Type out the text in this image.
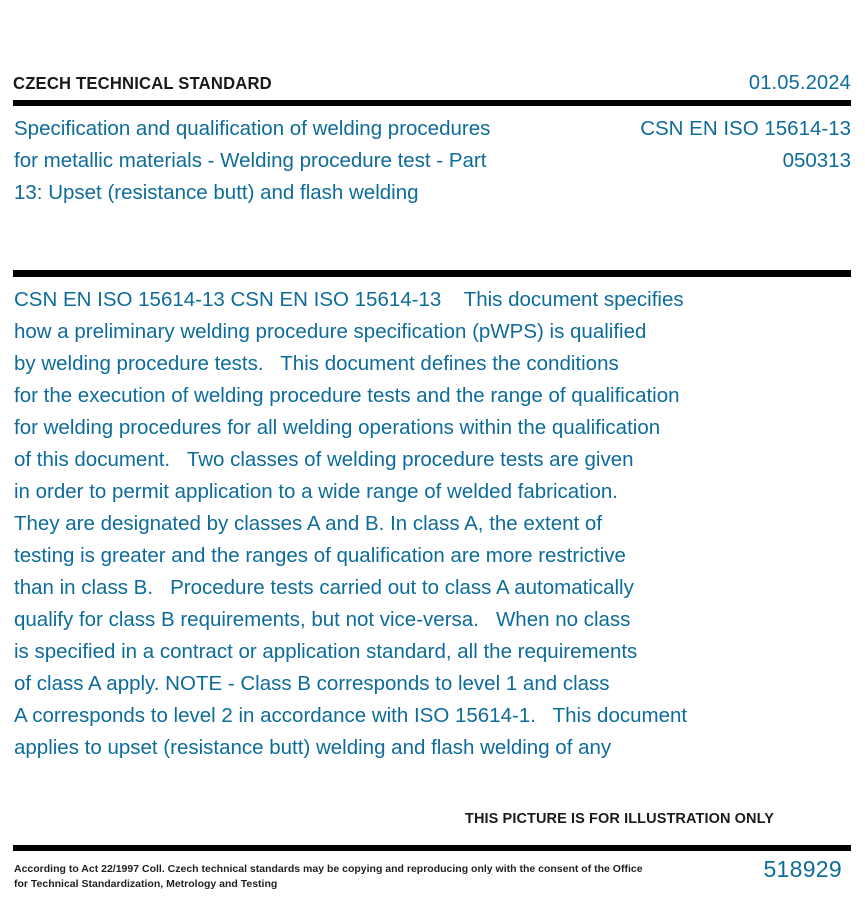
CZECH TECHNICAL STANDARD	01.05.2024
Specification and qualification of welding procedures	CSN EN ISO 15614-13
for metallic materials - Welding procedure test - Part	050313
13: Upset (resistance butt) and flash welding
CSN EN ISO 15614-13 CSN EN ISO 15614-13    This document specifies
how a preliminary welding procedure specification (pWPS) is qualified
by welding procedure tests.   This document defines the conditions
for the execution of welding procedure tests and the range of qualification
for welding procedures for all welding operations within the qualification
of this document.   Two classes of welding procedure tests are given
in order to permit application to a wide range of welded fabrication.
They are designated by classes A and B. In class A, the extent of
testing is greater and the ranges of qualification are more restrictive
than in class B.   Procedure tests carried out to class A automatically
qualify for class B requirements, but not vice-versa.   When no class
is specified in a contract or application standard, all the requirements
of class A apply. NOTE - Class B corresponds to level 1 and class
A corresponds to level 2 in accordance with ISO 15614-1.   This document
applies to upset (resistance butt) welding and flash welding of any
THIS PICTURE IS FOR ILLUSTRATION ONLY
According to Act 22/1997 Coll. Czech technical standards may be copying and reproducing only with the consent of the Office
for Technical Standardization, Metrology and Testing
518929
